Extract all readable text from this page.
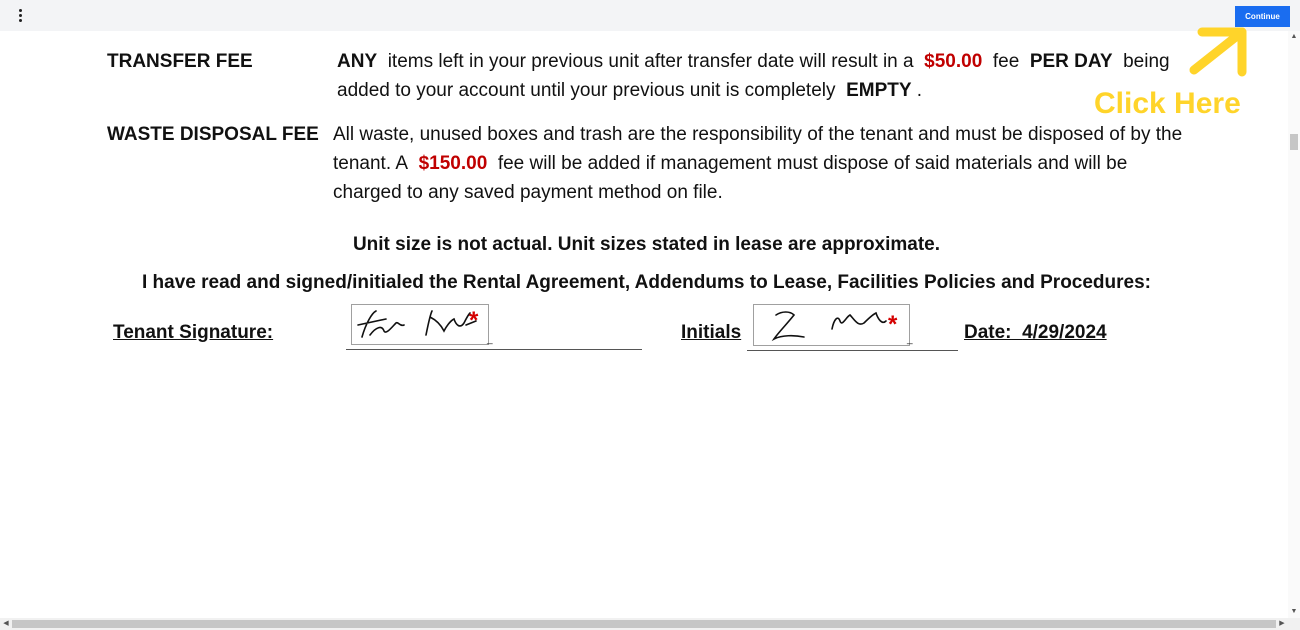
Continue
Click Here
TRANSFER FEE	ANY items left in your previous unit after transfer date will result in a $50.00 fee PER DAY being
added to your account until your previous unit is completely EMPTY .
WASTE DISPOSAL FEE All waste, unused boxes and trash are the responsibility of the tenant and must be disposed of by the
tenant. A $150.00 fee will be added if management must dispose of said materials and will be
charged to any saved payment method on file.
Unit size is not actual. Unit sizes stated in lease are approximate.
I have read and signed/initialed the Rental Agreement, Addendums to Lease, Facilities Policies and Procedures:
Tenant Signature:	*
_	Initials	*
_	Date: 4/29/2024
▲
▼
◀	▶
